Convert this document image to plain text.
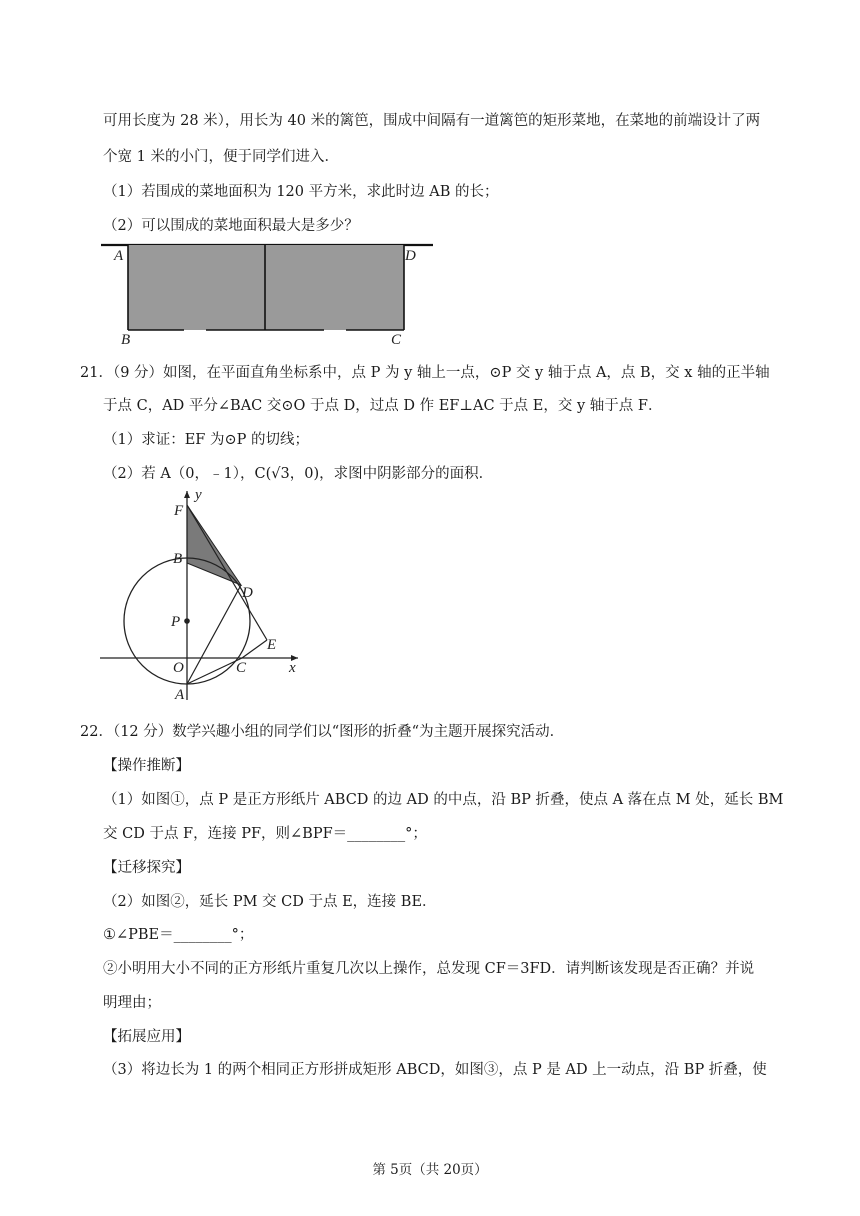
可用长度为 28 米），用长为 40 米的篱笆，围成中间隔有一道篱笆的矩形菜地，在菜地的前端设计了两
个宽 1 米的小门，便于同学们进入．
（1）若围成的菜地面积为 120 平方米，求此时边 AB 的长；
（2）可以围成的菜地面积最大是多少？
A	D
B	C
21．（9 分）如图，在平面直角坐标系中，点 P 为 y 轴上一点，⊙P 交 y 轴于点 A，点 B，交 x 轴的正半轴
于点 C，AD 平分∠BAC 交⊙O 于点 D，过点 D 作 EF⊥AC 于点 E，交 y 轴于点 F．
（1）求证：EF 为⊙P 的切线；
（2）若 A（0，﹣1），C(√3，0)，求图中阴影部分的面积．
F
y
B
D
P
E
O	C	x
A
22．（12 分）数学兴趣小组的同学们以“图形的折叠“为主题开展探究活动．
【操作推断】
（1）如图①，点 P 是正方形纸片 ABCD 的边 AD 的中点，沿 BP 折叠，使点 A 落在点 M 处，延长 BM
交 CD 于点 F，连接 PF，则∠BPF＝________°；
【迁移探究】
（2）如图②，延长 PM 交 CD 于点 E，连接 BE．
①∠PBE＝________°；
②小明用大小不同的正方形纸片重复几次以上操作，总发现 CF＝3FD．请判断该发现是否正确？并说
明理由；
【拓展应用】
（3）将边长为 1 的两个相同正方形拼成矩形 ABCD，如图③，点 P 是 AD 上一动点，沿 BP 折叠，使
第 5页（共 20页）
